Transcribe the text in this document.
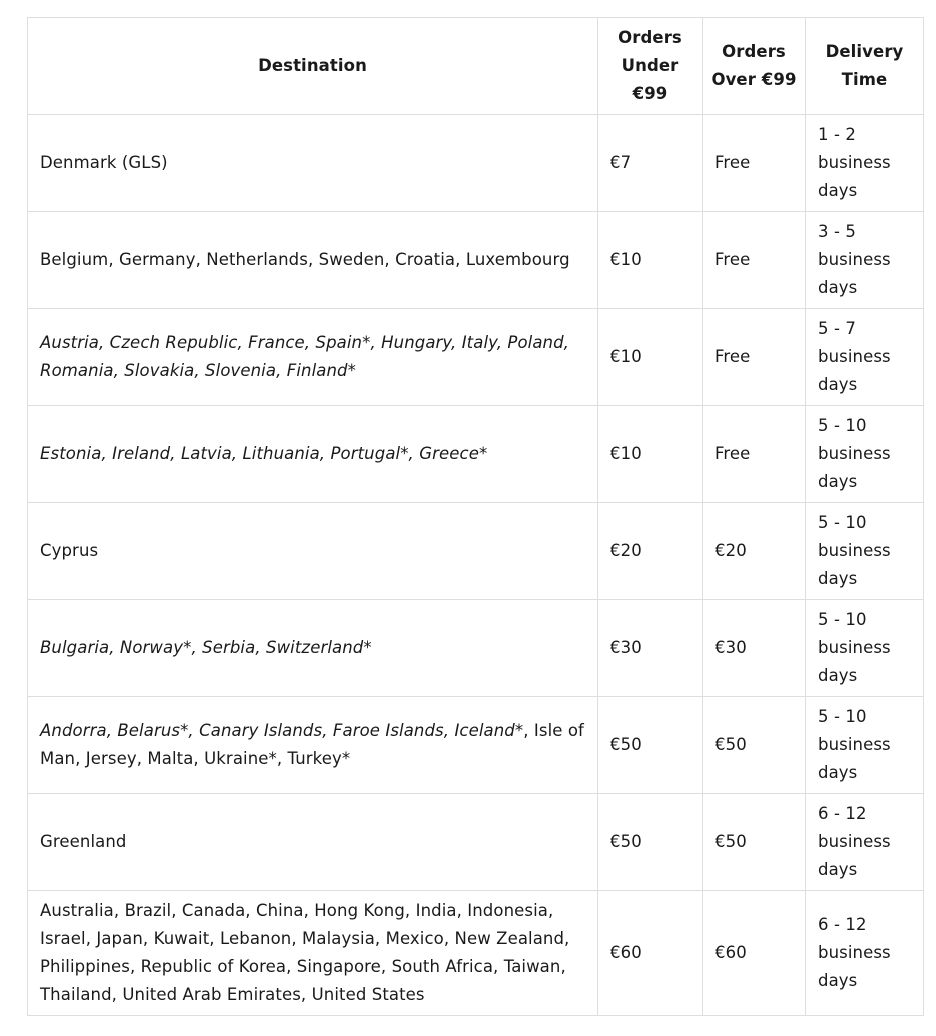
Destination	Orders Under €99	Orders Over €99	Delivery Time
Denmark (GLS)	€7	Free	1 - 2 business days
Belgium, Germany, Netherlands, Sweden, Croatia, Luxembourg	€10	Free	3 - 5 business days
Austria, Czech Republic, France, Spain*, Hungary, Italy, Poland, Romania, Slovakia, Slovenia, Finland*	€10	Free	5 - 7 business days
Estonia, Ireland, Latvia, Lithuania, Portugal*, Greece*	€10	Free	5 - 10 business days
Cyprus	€20	€20	5 - 10 business days
Bulgaria, Norway*, Serbia, Switzerland*	€30	€30	5 - 10 business days
Andorra, Belarus*, Canary Islands, Faroe Islands, Iceland*, Isle of Man, Jersey, Malta, Ukraine*, Turkey*	€50	€50	5 - 10 business days
Greenland	€50	€50	6 - 12 business days
Australia, Brazil, Canada, China, Hong Kong, India, Indonesia, Israel, Japan, Kuwait, Lebanon, Malaysia, Mexico, New Zealand, Philippines, Republic of Korea, Singapore, South Africa, Taiwan, Thailand, United Arab Emirates, United States	€60	€60	6 - 12 business days
